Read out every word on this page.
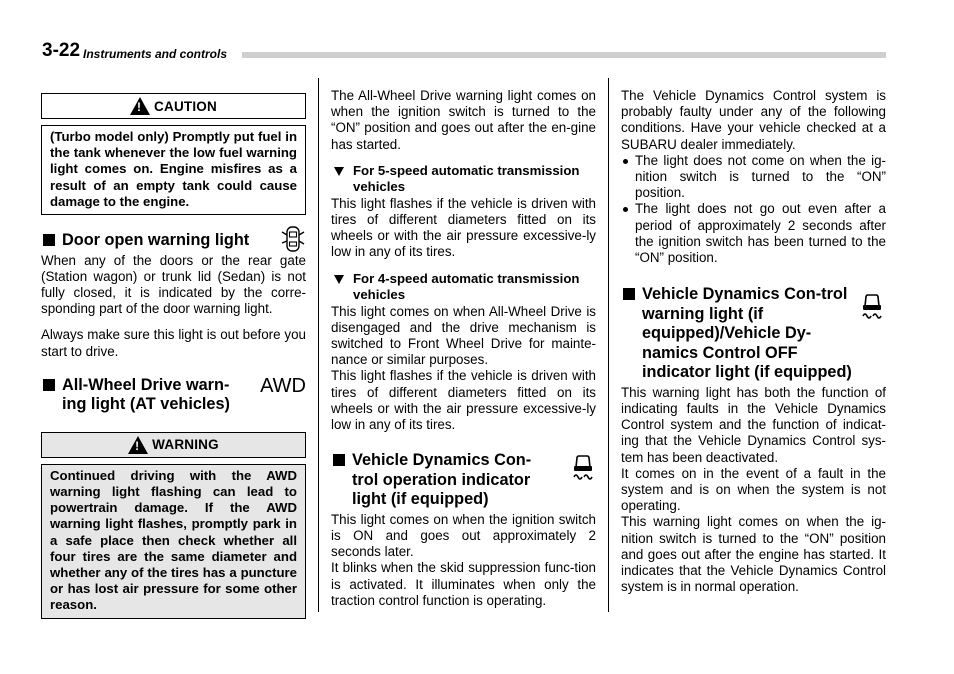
3-22 Instruments and controls
!
CAUTION
(Turbo model only) Promptly put fuel in the tank whenever the low fuel warning light comes on. Engine misfires as a result of an empty tank could cause damage to the engine.
Door open warning light

When any of the doors or the rear gate (Station wagon) or trunk lid (Sedan) is not fully closed, it is indicated by the corre-sponding part of the door warning light.

Always make sure this light is out before you start to drive.

All-Wheel Drive warn-ing light (AT vehicles)
AWD
!
WARNING
Continued driving with the AWD warning light flashing can lead to powertrain damage. If the AWD warning light flashes, promptly park in a safe place then check whether all four tires are the same diameter and whether any of the tires has a puncture or has lost air pressure for some other reason.

The All-Wheel Drive warning light comes on when the ignition switch is turned to the “ON” position and goes out after the en-gine has started.

For 5-speed automatic transmission vehicles

This light flashes if the vehicle is driven with tires of different diameters fitted on its wheels or with the air pressure excessive-ly low in any of its tires.

For 4-speed automatic transmission vehicles

This light comes on when All-Wheel Drive is disengaged and the drive mechanism is switched to Front Wheel Drive for mainte-nance or similar purposes.

This light flashes if the vehicle is driven with tires of different diameters fitted on its wheels or with the air pressure excessive-ly low in any of its tires.

Vehicle Dynamics Con-trol operation indicator light (if equipped)

This light comes on when the ignition switch is ON and goes out approximately 2 seconds later.

It blinks when the skid suppression func-tion is activated. It illuminates when only the traction control function is operating.

The Vehicle Dynamics Control system is probably faulty under any of the following conditions. Have your vehicle checked at a SUBARU dealer immediately.

The light does not come on when the ig-nition switch is turned to the “ON” position.

The light does not go out even after a period of approximately 2 seconds after the ignition switch has been turned to the “ON” position.

Vehicle Dynamics Con-trol warning light (if equipped)/Vehicle Dy-namics Control OFF indicator light (if equipped)

This warning light has both the function of indicating faults in the Vehicle Dynamics Control system and the function of indicat-ing that the Vehicle Dynamics Control sys-tem has been deactivated.

It comes on in the event of a fault in the system and is on when the system is not operating.

This warning light comes on when the ig-nition switch is turned to the “ON” position and goes out after the engine has started. It indicates that the Vehicle Dynamics Control system is in normal operation.
